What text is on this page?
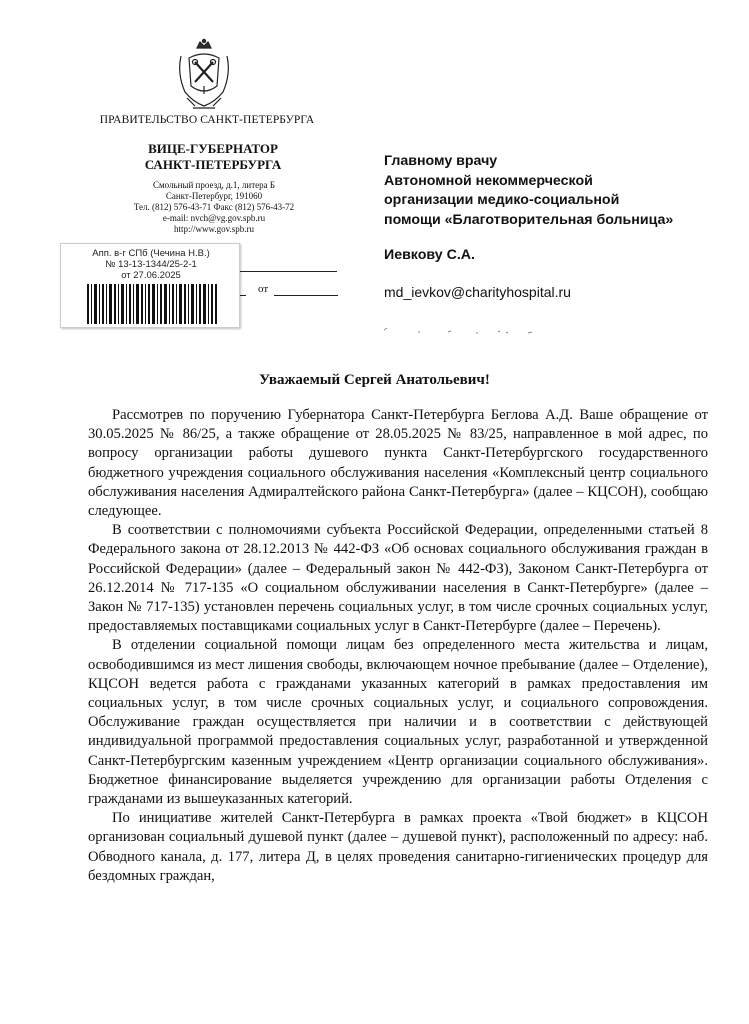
ПРАВИТЕЛЬСТВО САНКТ-ПЕТЕРБУРГА
ВИЦЕ-ГУБЕРНАТОР
САНКТ-ПЕТЕРБУРГА
Смольный проезд, д.1, литера Б
Санкт-Петербург, 191060
Тел. (812) 576-43-71 Факс (812) 576-43-72
e-mail: nvch@vg.gov.spb.ru
http://www.gov.spb.ru
от
Апп. в-г СПб (Чечина Н.В.)
№ 13-13-1344/25-2-1
от 27.06.2025
Главному врачу
Автономной некоммерческой
организации медико-социальной
помощи «Благотворительная больница»
Иевкову С.А.
md_ievkov@charityhospital.ru
Уважаемый Сергей Анатольевич!

Рассмотрев по поручению Губернатора Санкт-Петербурга Беглова А.Д. Ваше обращение от 30.05.2025 № 86/25, а также обращение от 28.05.2025 № 83/25, направленное в мой адрес, по вопросу организации работы душевого пункта Санкт-Петербургского государственного бюджетного учреждения социального обслуживания населения «Комплексный центр социального обслуживания населения Адмиралтейского района Санкт-Петербурга» (далее – КЦСОН), сообщаю следующее.

В соответствии с полномочиями субъекта Российской Федерации, определенными статьей 8 Федерального закона от 28.12.2013 № 442-ФЗ «Об основах социального обслуживания граждан в Российской Федерации» (далее – Федеральный закон № 442-ФЗ), Законом Санкт-Петербурга от 26.12.2014 № 717-135 «О социальном обслуживании населения в Санкт-Петербурге» (далее – Закон № 717-135) установлен перечень социальных услуг, в том числе срочных социальных услуг, предоставляемых поставщиками социальных услуг в Санкт-Петербурге (далее – Перечень).

В отделении социальной помощи лицам без определенного места жительства и лицам, освободившимся из мест лишения свободы, включающем ночное пребывание (далее – Отделение), КЦСОН ведется работа с гражданами указанных категорий в рамках предоставления им социальных услуг, в том числе срочных социальных услуг, и социального сопровождения. Обслуживание граждан осуществляется при наличии и в соответствии с действующей индивидуальной программой предоставления социальных услуг, разработанной и утвержденной Санкт-Петербургским казенным учреждением «Центр организации социального обслуживания». Бюджетное финансирование выделяется учреждению для организации работы Отделения с гражданами из вышеуказанных категорий.

По инициативе жителей Санкт-Петербурга в рамках проекта «Твой бюджет» в КЦСОН организован социальный душевой пункт (далее – душевой пункт), расположенный по адресу: наб. Обводного канала, д. 177, литера Д, в целях проведения санитарно-гигиенических процедур для бездомных граждан,
